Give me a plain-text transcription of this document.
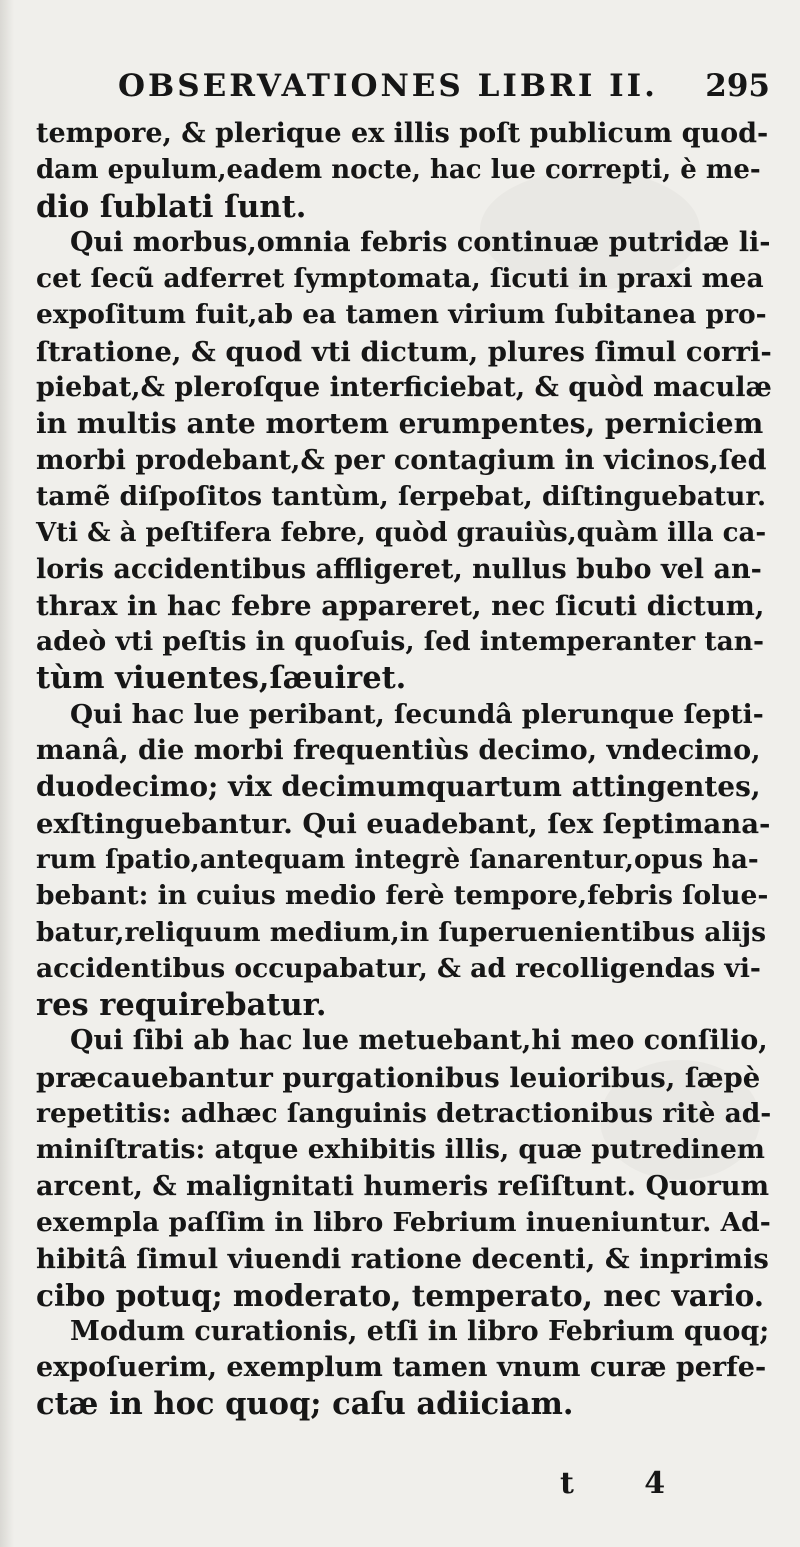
OBSERVATIONES LIBRI II. 295
tempore, & plerique ex illis poſt publicum quod-
dam epulum,eadem nocte, hac lue correpti, è me-
dio ſublati ſunt.
Qui morbus,omnia febris continuæ putridæ li-
cet ſecũ adferret ſymptomata, ſicuti in praxi mea
expoſitum fuit,ab ea tamen virium ſubitanea pro-
ſtratione, & quod vti dictum, plures ſimul corri-
piebat,& pleroſque interficiebat, & quòd maculæ
in multis ante mortem erumpentes, perniciem
morbi prodebant,& per contagium in vicinos,ſed
tamẽ diſpoſitos tantùm, ſerpebat, diſtinguebatur.
Vti & à peſtifera febre, quòd grauiùs,quàm illa ca-
loris accidentibus affligeret, nullus bubo vel an-
thrax in hac febre appareret, nec ſicuti dictum,
adeò vti peſtis in quoſuis, ſed intemperanter tan-
tùm viuentes,ſæuiret.
Qui hac lue peribant, ſecundâ plerunque ſepti-
manâ, die morbi frequentiùs decimo, vndecimo,
duodecimo; vix decimumquartum attingentes,
exſtinguebantur. Qui euadebant, ſex ſeptimana-
rum ſpatio,antequam integrè ſanarentur,opus ha-
bebant: in cuius medio ferè tempore,febris ſolue-
batur,reliquum medium,in ſuperuenientibus alijs
accidentibus occupabatur, & ad recolligendas vi-
res requirebatur.
Qui ſibi ab hac lue metuebant,hi meo conſilio,
præcauebantur purgationibus leuioribus, ſæpè
repetitis: adhæc ſanguinis detractionibus ritè ad-
miniſtratis: atque exhibitis illis, quæ putredinem
arcent, & malignitati humeris reſiſtunt. Quorum
exempla paſſim in libro Febrium inueniuntur. Ad-
hibitâ ſimul viuendi ratione decenti, & inprimis
cibo potuq; moderato, temperato, nec vario.
Modum curationis, etſi in libro Febrium quoq;
expoſuerim, exemplum tamen vnum curæ perfe-
ctæ in hoc quoq; caſu adiiciam.
t 4
